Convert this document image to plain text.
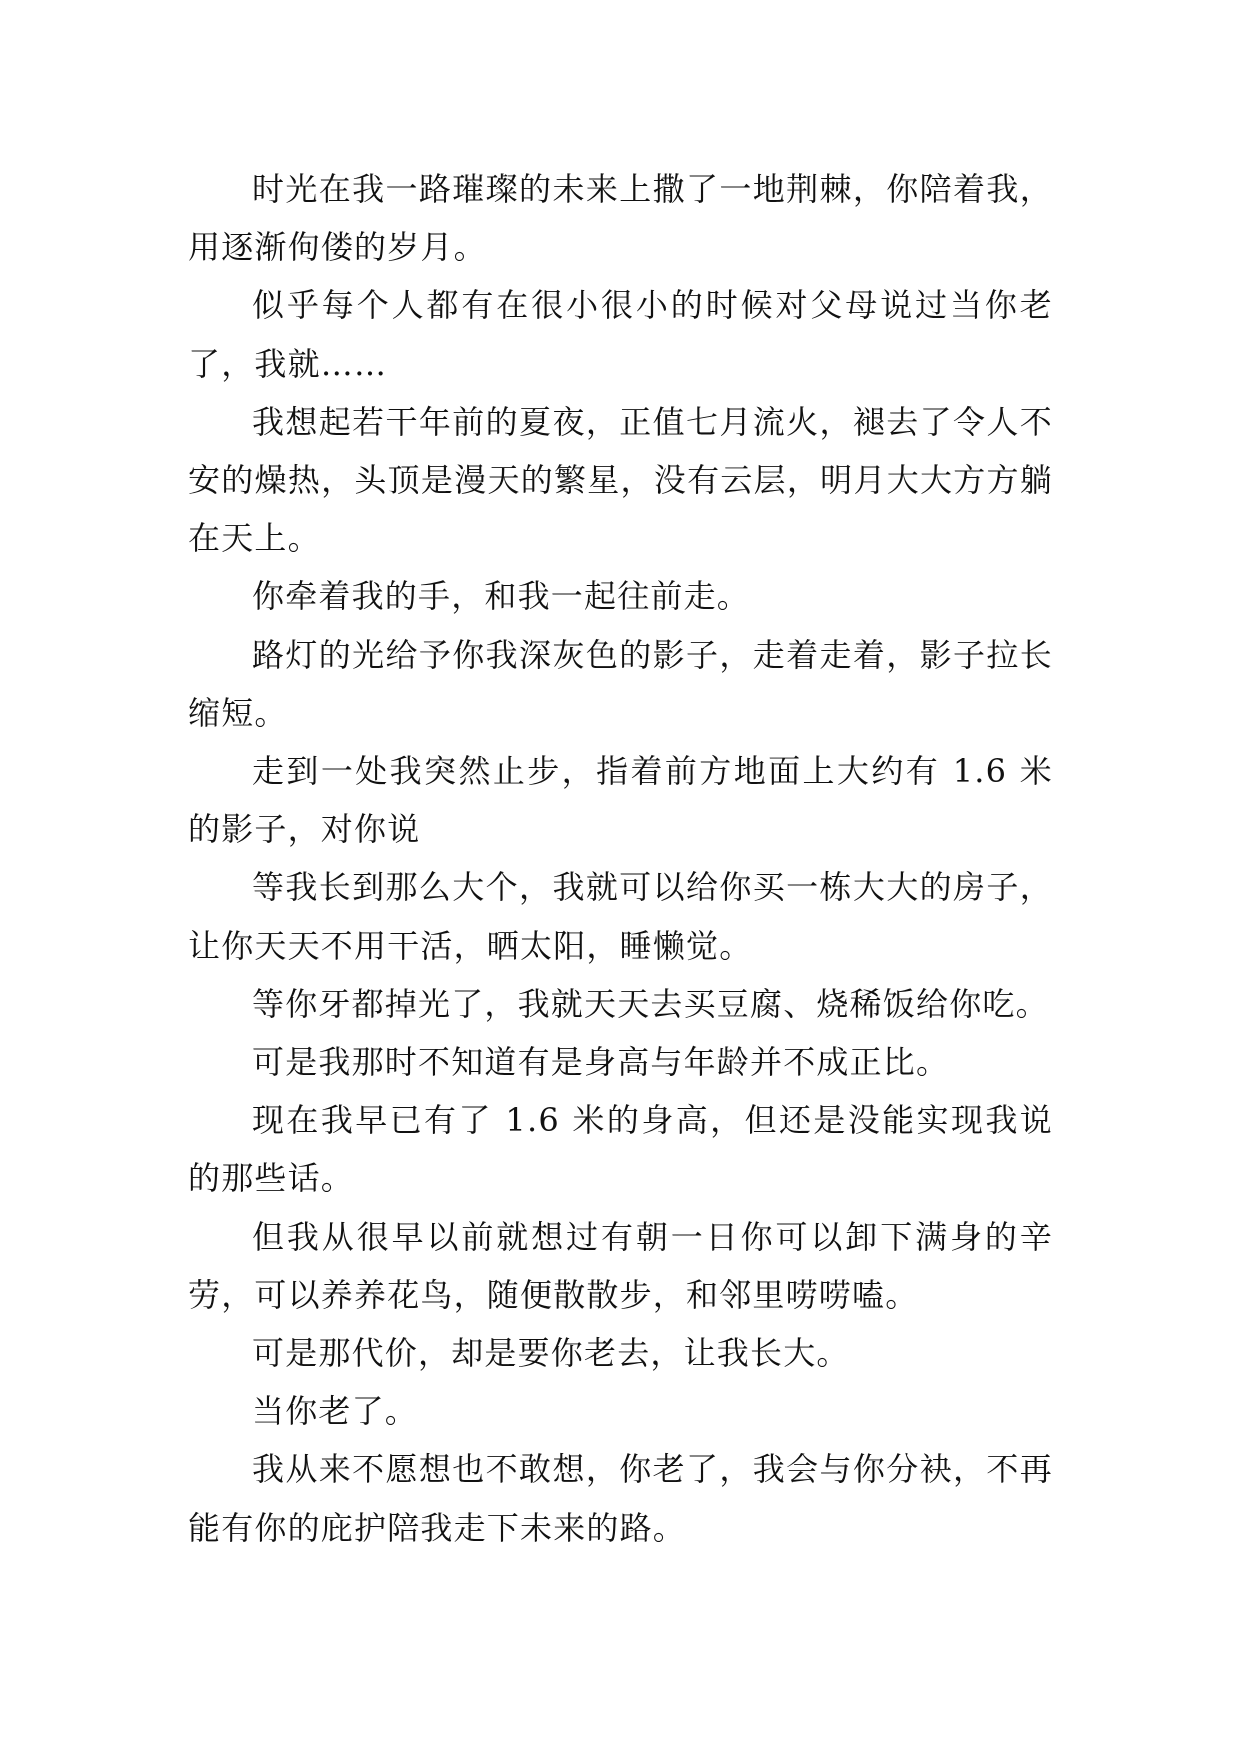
时光在我一路璀璨的未来上撒了一地荆棘，你陪着我，用逐渐佝偻的岁月。

似乎每个人都有在很小很小的时候对父母说过当你老了，我就……

我想起若干年前的夏夜，正值七月流火，褪去了令人不安的燥热，头顶是漫天的繁星，没有云层，明月大大方方躺在天上。

你牵着我的手，和我一起往前走。

路灯的光给予你我深灰色的影子，走着走着，影子拉长缩短。

走到一处我突然止步，指着前方地面上大约有 1.6 米的影子，对你说

等我长到那么大个，我就可以给你买一栋大大的房子，让你天天不用干活，晒太阳，睡懒觉。

等你牙都掉光了，我就天天去买豆腐、烧稀饭给你吃。

可是我那时不知道有是身高与年龄并不成正比。

现在我早已有了 1.6 米的身高，但还是没能实现我说的那些话。

但我从很早以前就想过有朝一日你可以卸下满身的辛劳，可以养养花鸟，随便散散步，和邻里唠唠嗑。

可是那代价，却是要你老去，让我长大。

当你老了。

我从来不愿想也不敢想，你老了，我会与你分袂，不再能有你的庇护陪我走下未来的路。
